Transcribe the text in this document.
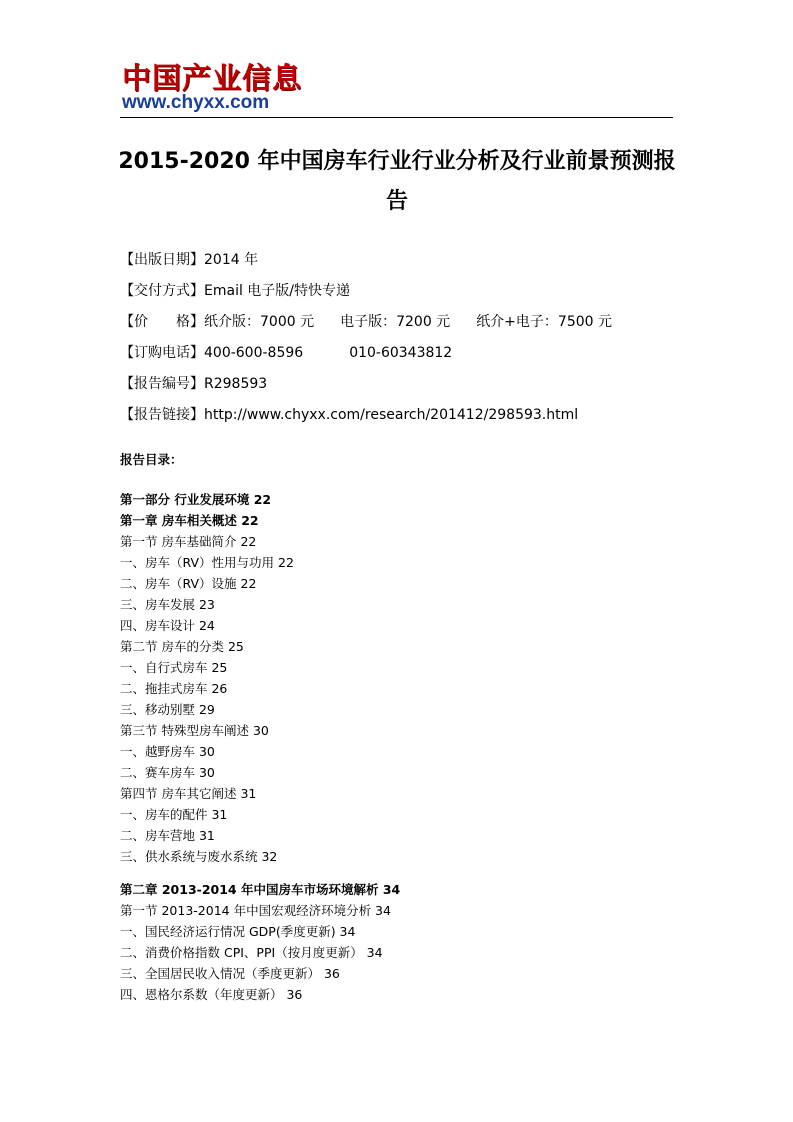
中国产业信息
www.chyxx.com
2015-2020 年中国房车行业行业分析及行业前景预测报告
【出版日期】2014 年
【交付方式】Email 电子版/特快专递
【价　　格】纸介版：7000 元 电子版：7200 元 纸介+电子：7500 元
【订购电话】400-600-8596	010-60343812
【报告编号】R298593
【报告链接】http://www.chyxx.com/research/201412/298593.html
报告目录：
第一部分 行业发展环境 22
第一章 房车相关概述 22
第一节 房车基础简介 22
一、房车（RV）性用与功用 22
二、房车（RV）设施 22
三、房车发展 23
四、房车设计 24
第二节 房车的分类 25
一、自行式房车 25
二、拖挂式房车 26
三、移动别墅 29
第三节 特殊型房车阐述 30
一、越野房车 30
二、赛车房车 30
第四节 房车其它阐述 31
一、房车的配件 31
二、房车营地 31
三、供水系统与废水系统 32
第二章 2013-2014 年中国房车市场环境解析 34
第一节 2013-2014 年中国宏观经济环境分析 34
一、国民经济运行情况 GDP(季度更新) 34
二、消费价格指数 CPI、PPI（按月度更新） 34
三、全国居民收入情况（季度更新） 36
四、恩格尔系数（年度更新） 36
